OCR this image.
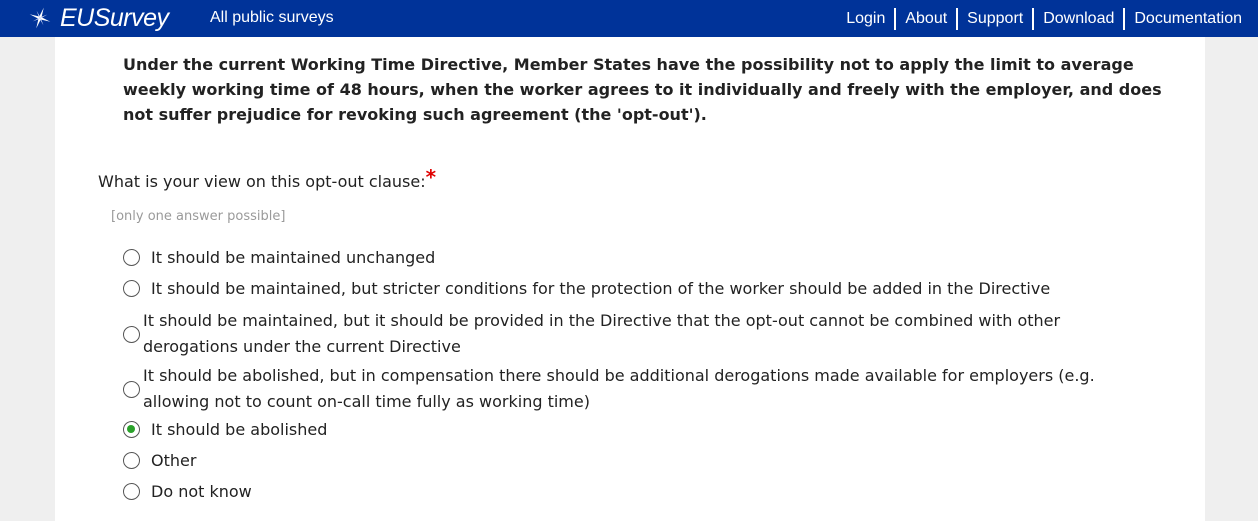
EUSurvey	All public surveys	Login	About	Support	Download	Documentation

Under the current Working Time Directive, Member States have the possibility not to apply the limit to average weekly working time of 48 hours, when the worker agrees to it individually and freely with the employer, and does not suffer prejudice for revoking such agreement (the 'opt-out').

What is your view on this opt-out clause:*
[only one answer possible]
It should be maintained unchanged
It should be maintained, but stricter conditions for the protection of the worker should be added in the Directive
It should be maintained, but it should be provided in the Directive that the opt-out cannot be combined with other derogations under the current Directive
It should be abolished, but in compensation there should be additional derogations made available for employers (e.g. allowing not to count on-call time fully as working time)
It should be abolished
Other
Do not know
